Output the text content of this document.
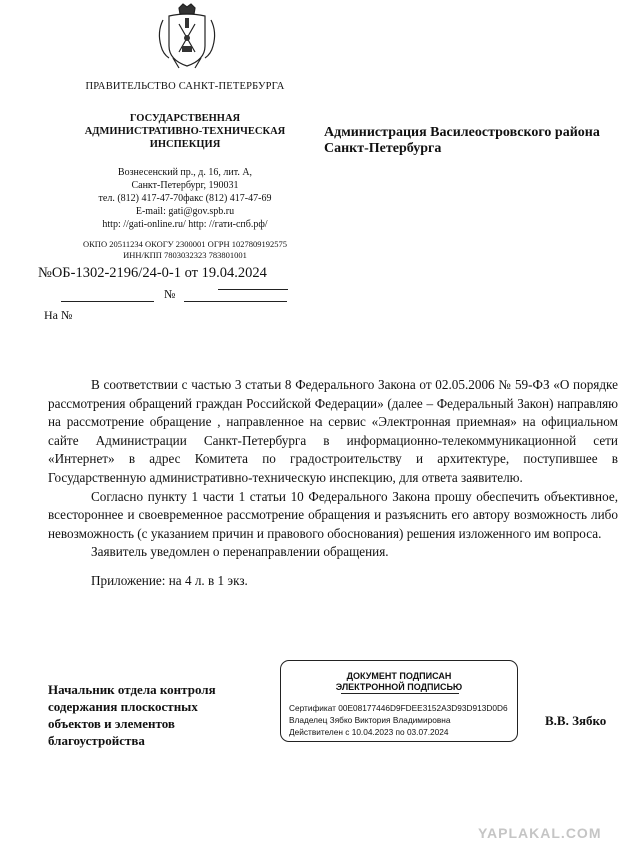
ПРАВИТЕЛЬСТВО САНКТ-ПЕТЕРБУРГА
ГОСУДАРСТВЕННАЯ
АДМИНИСТРАТИВНО-ТЕХНИЧЕСКАЯ
ИНСПЕКЦИЯ
Вознесенский пр., д. 16, лит. А,
Санкт-Петербург, 190031
тел. (812) 417-47-70факс (812) 417-47-69
E-mail: gati@gov.spb.ru
http: //gati-online.ru/ http: //гати-спб.рф/
ОКПО 20511234 ОКОГУ 2300001 ОГРН 1027809192575
ИНН/КПП 7803032323 783801001
№ОБ-1302-2196/24-0-1 от 19.04.2024
№
На №
Администрация Василеостровского района
Санкт-Петербурга

В соответствии с частью 3 статьи 8 Федерального Закона от 02.05.2006 № 59-ФЗ «О порядке рассмотрения обращений граждан Российской Федерации» (далее – Федеральный Закон) направляю на рассмотрение обращение , направленное на сервис «Электронная приемная» на официальном сайте Администрации Санкт-Петербурга в информационно-телекоммуникационной сети «Интернет» в адрес Комитета по градостроительству и архитектуре, поступившее в Государственную административно-техническую инспекцию, для ответа заявителю.

Согласно пункту 1 части 1 статьи 10 Федерального Закона прошу обеспечить объективное, всестороннее и своевременное рассмотрение обращения и разъяснить его автору возможность либо невозможность (с указанием причин и правового обоснования) решения изложенного им вопроса.

Заявитель уведомлен о перенаправлении обращения.

Приложение: на 4 л. в 1 экз.

Начальник отдела контроля
содержания плоскостных
объектов и элементов
благоустройства
ДОКУМЕНТ ПОДПИСАН
ЭЛЕКТРОННОЙ ПОДПИСЬЮ
Сертификат 00E08177446D9FDEE3152A3D93D913D0D6
Владелец Зябко Виктория Владимировна
Действителен с 10.04.2023 по 03.07.2024
В.В. Зябко
YAPLAKAL.COM
